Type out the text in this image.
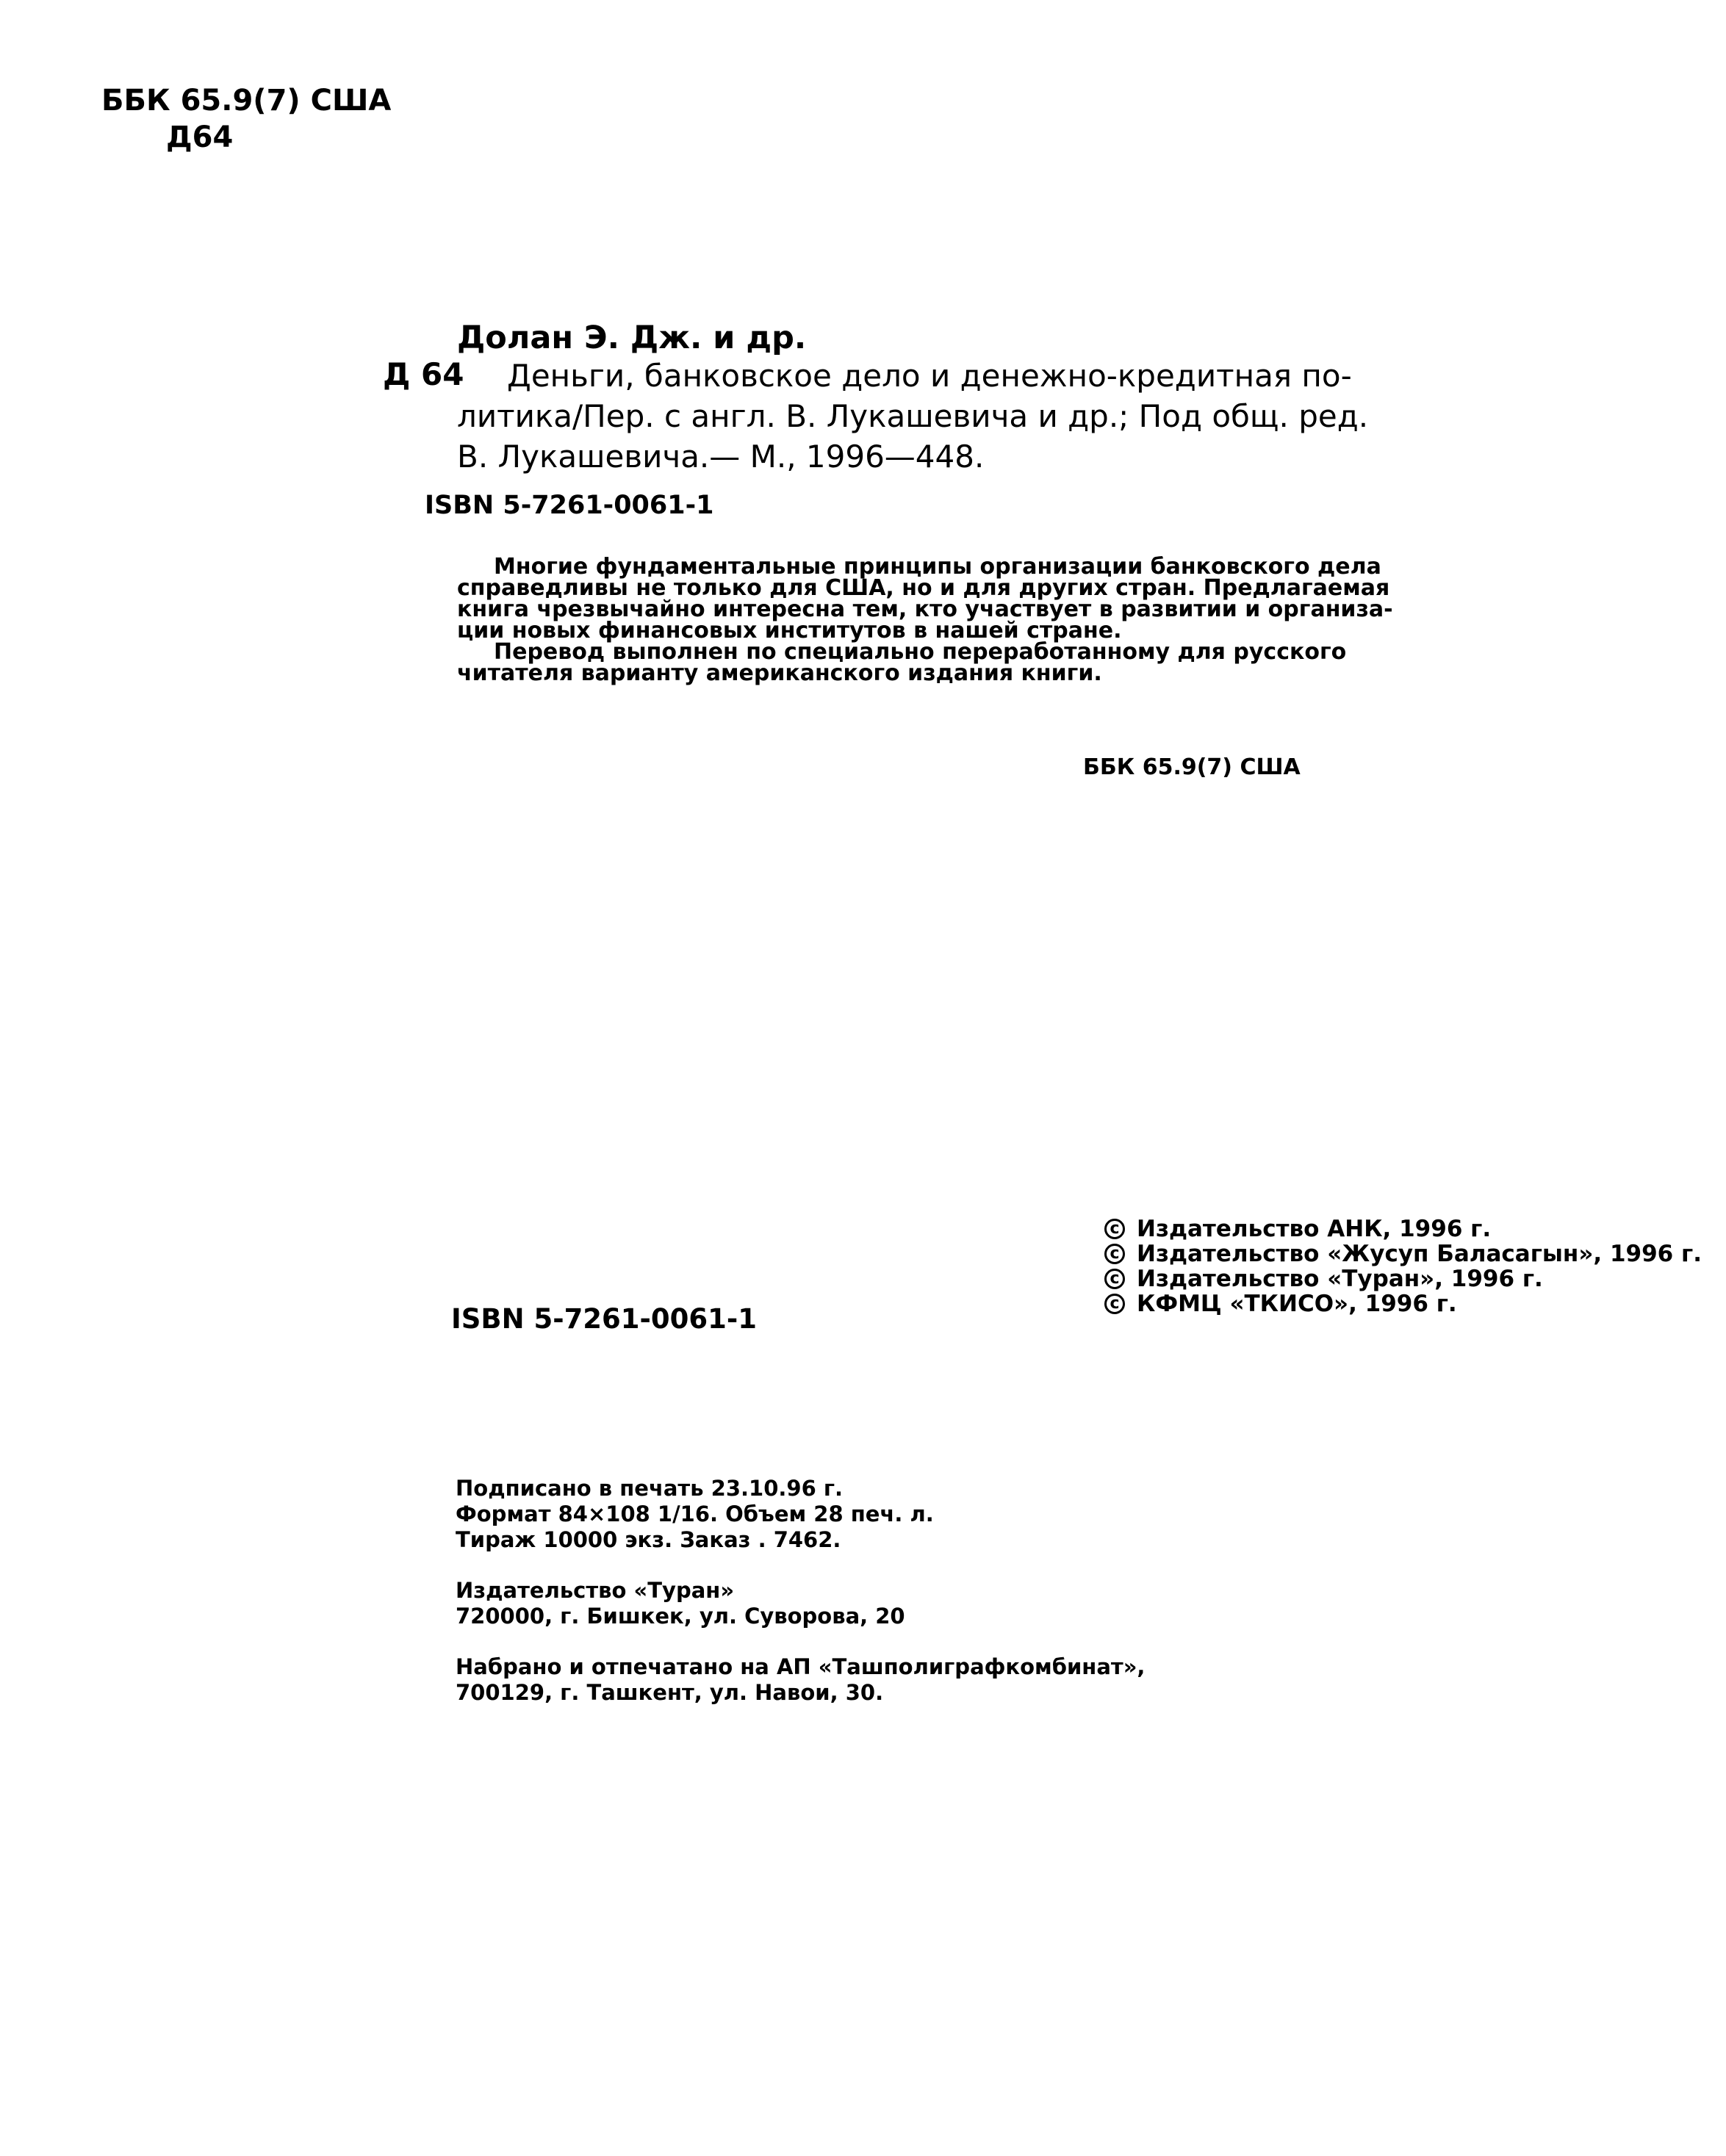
ББК 65.9(7) США
Д64
Долан Э. Дж. и др.
Д 64	Деньги, банковское дело и денежно-кредитная по-
литика/Пер. с англ. В. Лукашевича и др.; Под общ. ред.
В. Лукашевича.— М., 1996—448.
ISBN 5-7261-0061-1
Многие фундаментальные принципы организации банковского дела
справедливы не только для США, но и для других стран. Предлагаемая
книга чрезвычайно интересна тем, кто участвует в развитии и организа-
ции новых финансовых институтов в нашей стране.
Перевод выполнен по специально переработанному для русского
читателя варианту американского издания книги.
ББК 65.9(7) США
c Издательство АНК, 1996 г.
c Издательство «Жусуп Баласагын», 1996 г.
c Издательство «Туран», 1996 г.
c КФМЦ «ТКИСО», 1996 г.
ISBN 5-7261-0061-1
Подписано в печать 23.10.96 г.
Формат 84×108 1/16. Объем 28 печ. л.
Тираж 10000 экз. Заказ . 7462.
Издательство «Туран»
720000, г. Бишкек, ул. Суворова, 20
Набрано и отпечатано на АП «Ташполиграфкомбинат»,
700129, г. Ташкент, ул. Навои, 30.
